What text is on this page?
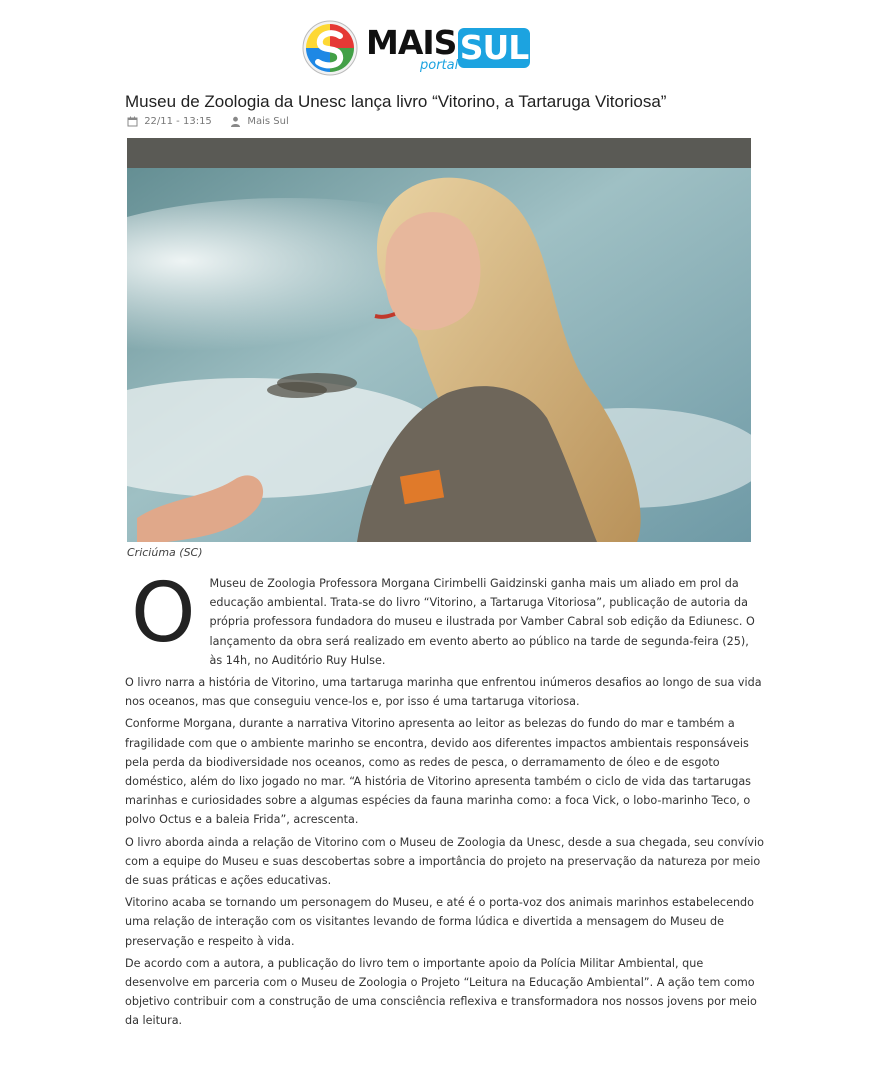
MAIS SUL
portal
Museu de Zoologia da Unesc lança livro “Vitorino, a Tartaruga Vitoriosa”
22/11 - 13:15	Mais Sul
Criciúma (SC)

O Museu de Zoologia Professora Morgana Cirimbelli Gaidzinski ganha mais um aliado em prol da educação ambiental. Trata-se do livro “Vitorino, a Tartaruga Vitoriosa”, publicação de autoria da própria professora fundadora do museu e ilustrada por Vamber Cabral sob edição da Ediunesc. O lançamento da obra será realizado em evento aberto ao público na tarde de segunda-feira (25), às 14h, no Auditório Ruy Hulse.

O livro narra a história de Vitorino, uma tartaruga marinha que enfrentou inúmeros desafios ao longo de sua vida nos oceanos, mas que conseguiu vence-los e, por isso é uma tartaruga vitoriosa.

Conforme Morgana, durante a narrativa Vitorino apresenta ao leitor as belezas do fundo do mar e também a fragilidade com que o ambiente marinho se encontra, devido aos diferentes impactos ambientais responsáveis pela perda da biodiversidade nos oceanos, como as redes de pesca, o derramamento de óleo e de esgoto doméstico, além do lixo jogado no mar. “A história de Vitorino apresenta também o ciclo de vida das tartarugas marinhas e curiosidades sobre a algumas espécies da fauna marinha como: a foca Vick, o lobo-marinho Teco, o polvo Octus e a baleia Frida”, acrescenta.

O livro aborda ainda a relação de Vitorino com o Museu de Zoologia da Unesc, desde a sua chegada, seu convívio com a equipe do Museu e suas descobertas sobre a importância do projeto na preservação da natureza por meio de suas práticas e ações educativas.

Vitorino acaba se tornando um personagem do Museu, e até é o porta-voz dos animais marinhos estabelecendo uma relação de interação com os visitantes levando de forma lúdica e divertida a mensagem do Museu de preservação e respeito à vida.

De acordo com a autora, a publicação do livro tem o importante apoio da Polícia Militar Ambiental, que desenvolve em parceria com o Museu de Zoologia o Projeto “Leitura na Educação Ambiental”. A ação tem como objetivo contribuir com a construção de uma consciência reflexiva e transformadora nos nossos jovens por meio da leitura.
